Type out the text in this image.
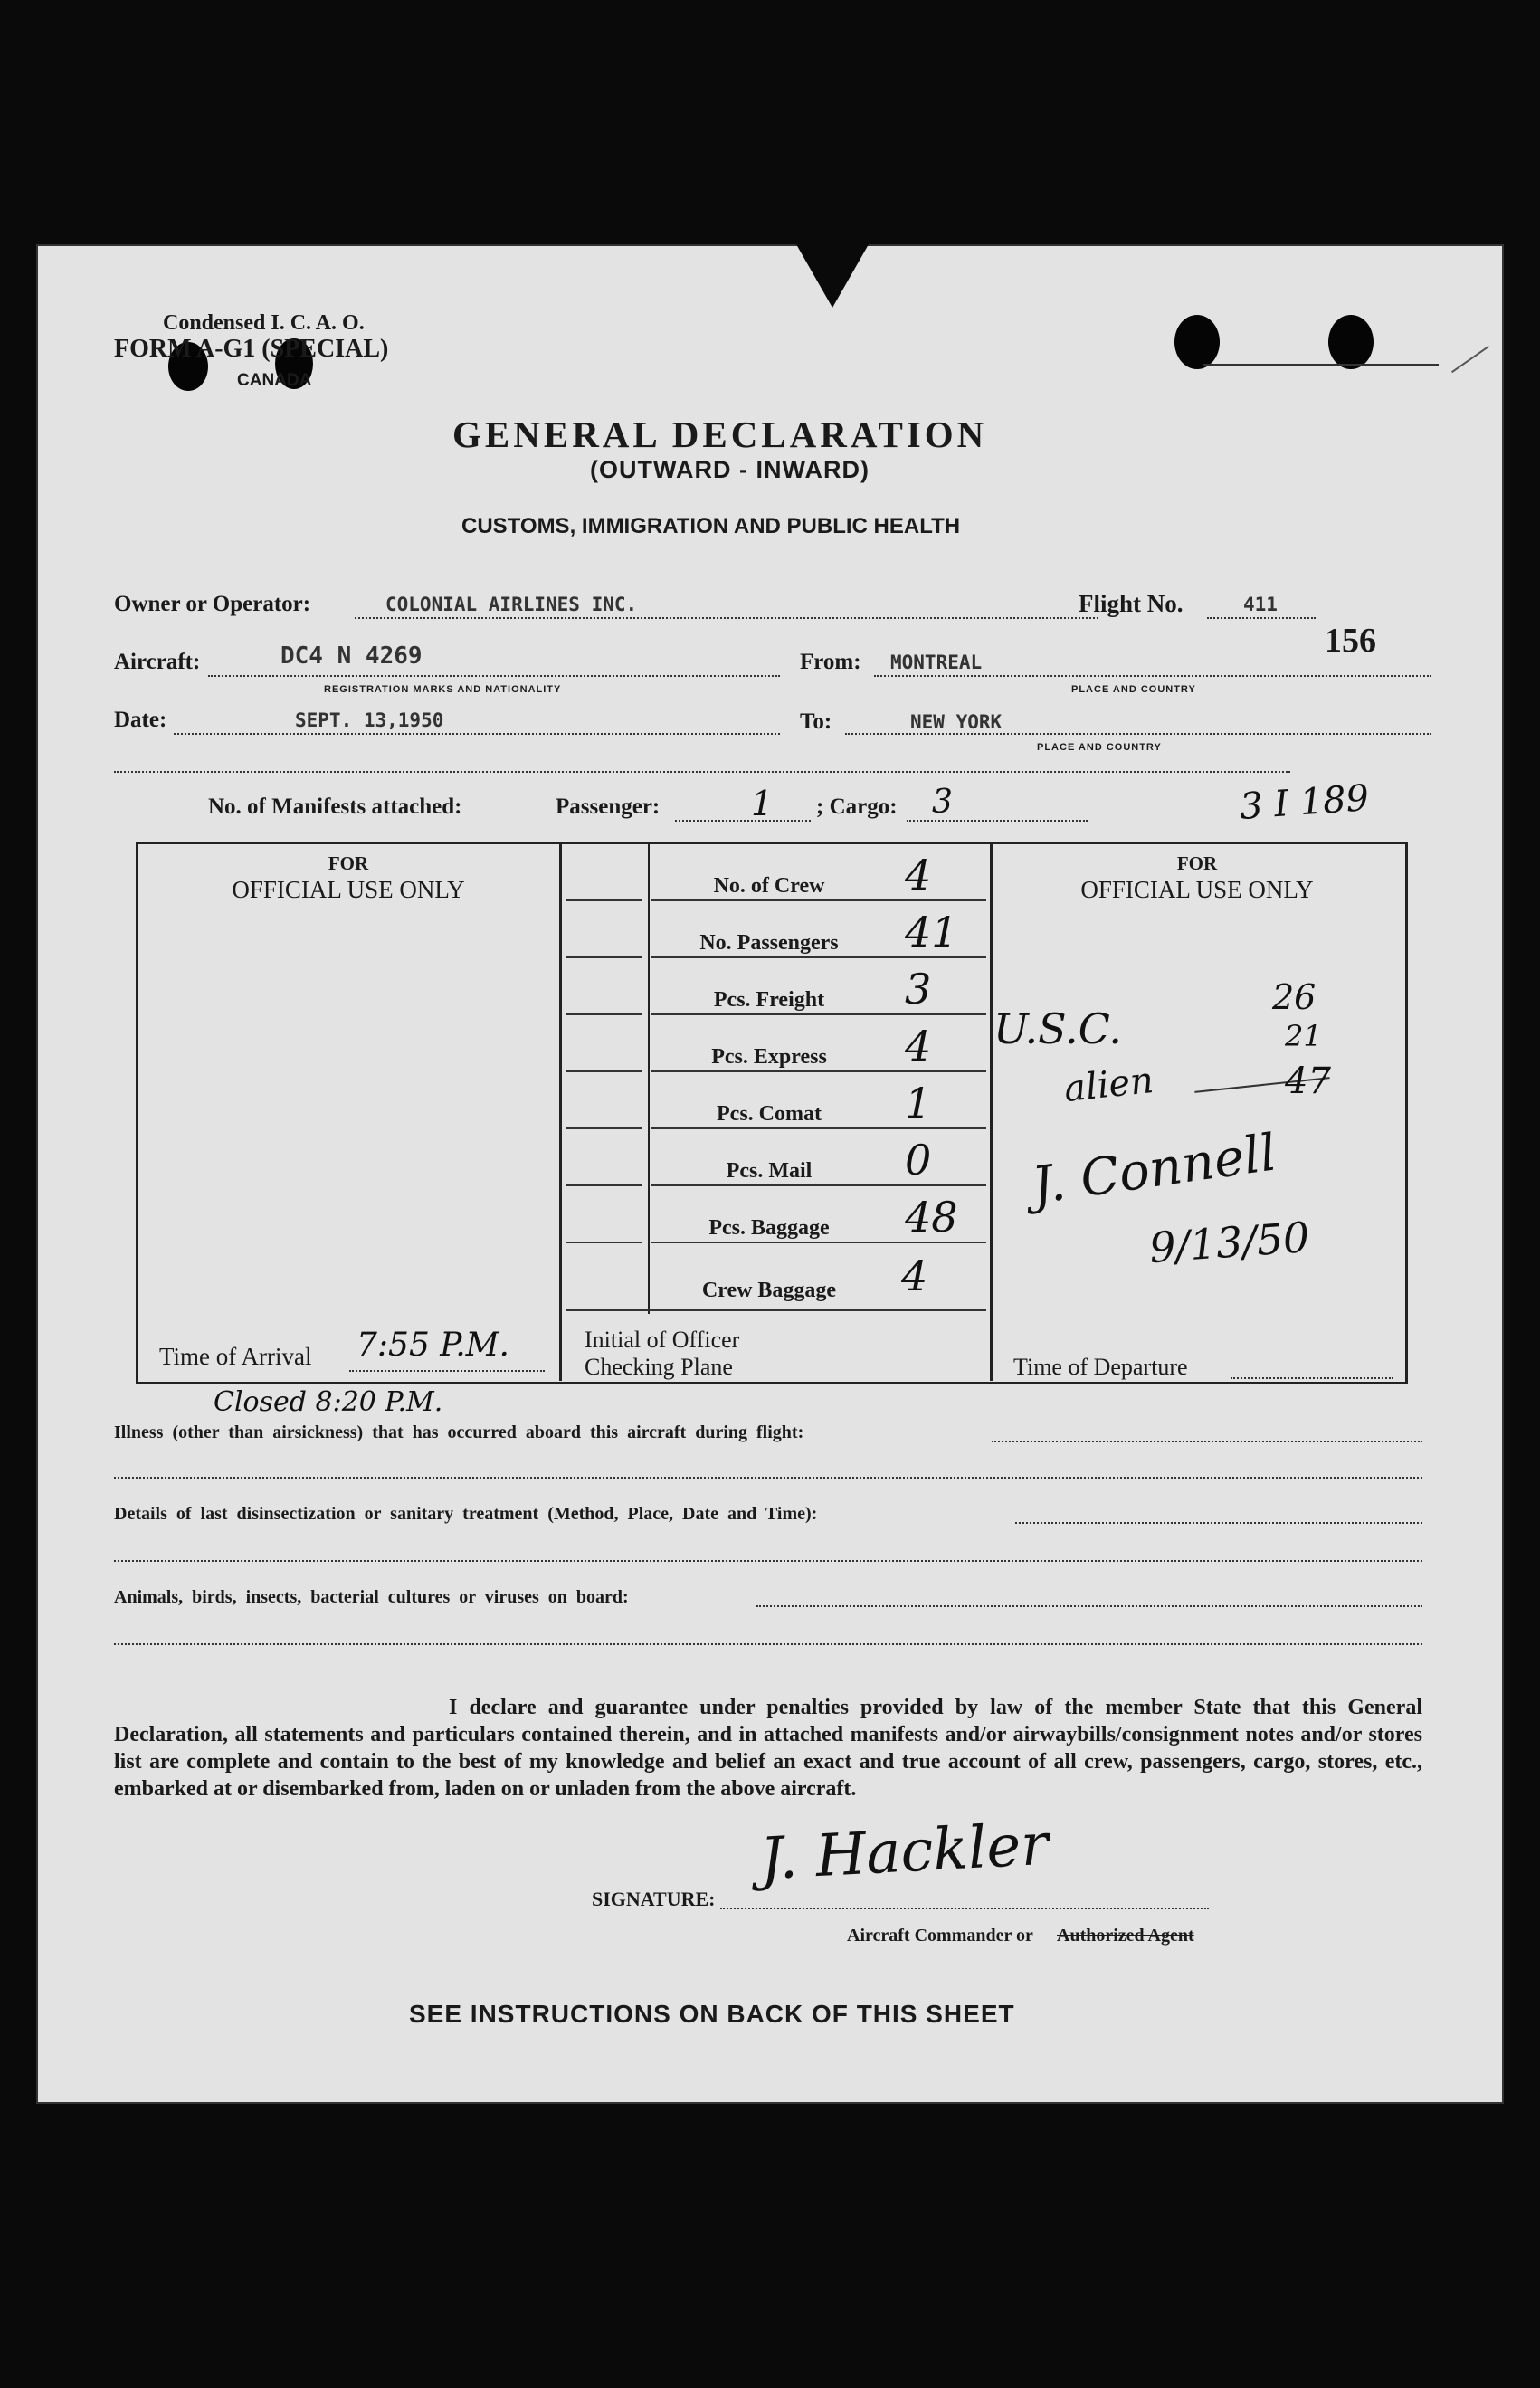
Condensed I. C. A. O.
FORM A-G1 (SPECIAL)
CANADA
GENERAL DECLARATION
(OUTWARD - INWARD)
CUSTOMS, IMMIGRATION AND PUBLIC HEALTH
Owner or Operator:	COLONIAL AIRLINES INC.	Flight No.	411
156
Aircraft:	DC4 N 4269
REGISTRATION MARKS AND NATIONALITY
From: MONTREAL
PLACE AND COUNTRY
Date:	SEPT. 13,1950	To:	NEW YORK
PLACE AND COUNTRY
No. of Manifests attached:	Passenger:	1 ; Cargo: 3	3 I 189
FOR
OFFICIAL USE ONLY
FOR
OFFICIAL USE ONLY
No. of Crew	4
No. Passengers	41
Pcs. Freight	3
Pcs. Express	4
Pcs. Comat	1
Pcs. Mail	0
Pcs. Baggage	48
Crew Baggage	4
26
U.S.C.	21
alien	47
J. Connell
9/13/50
Time of Arrival 7:55 P.M.	Initial of Officer
Checking Plane	Time of Departure
Closed 8:20 P.M.
Illness (other than airsickness) that has occurred aboard this aircraft during flight:
Details of last disinsectization or sanitary treatment (Method, Place, Date and Time):
Animals, birds, insects, bacterial cultures or viruses on board:
I declare and guarantee under penalties provided by law of the member State that this General Declaration, all statements and particulars contained therein, and in attached manifests and/or airwaybills/consignment notes and/or stores list are complete and contain to the best of my knowledge and belief an exact and true account of all crew, passengers, cargo, stores, etc., embarked at or disembarked from, laden on or unladen from the above aircraft.
SIGNATURE:
J. Hackler
Aircraft Commander or Authorized Agent
SEE INSTRUCTIONS ON BACK OF THIS SHEET
